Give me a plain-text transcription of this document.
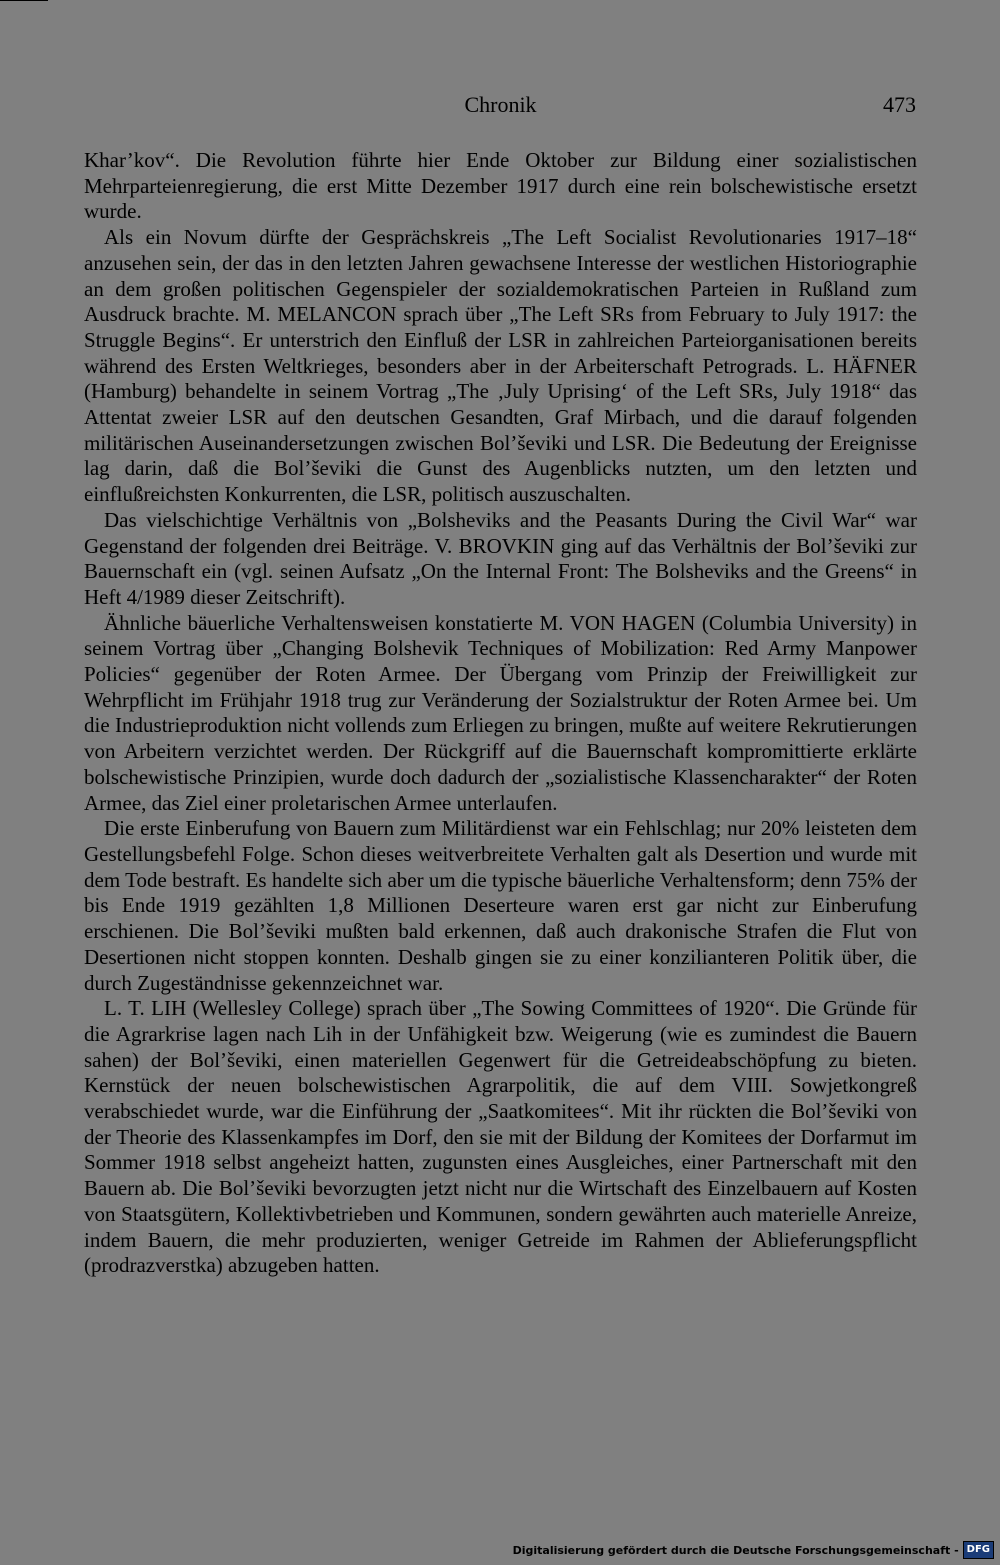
Chronik	473

Khar’kov“. Die Revolution führte hier Ende Oktober zur Bildung einer sozialistischen Mehrparteienregierung, die erst Mitte Dezember 1917 durch eine rein bolschewistische ersetzt wurde.

Als ein Novum dürfte der Gesprächskreis „The Left Socialist Revolutionaries 1917–18“ anzusehen sein, der das in den letzten Jahren gewachsene Interesse der westlichen Historiographie an dem großen politischen Gegenspieler der sozialdemokratischen Parteien in Rußland zum Ausdruck brachte. M. MELANCON sprach über „The Left SRs from February to July 1917: the Struggle Begins“. Er unterstrich den Einfluß der LSR in zahlreichen Parteiorganisationen bereits während des Ersten Weltkrieges, besonders aber in der Arbeiterschaft Petrograds. L. HÄFNER (Hamburg) behandelte in seinem Vortrag „The ‚July Uprising‘ of the Left SRs, July 1918“ das Attentat zweier LSR auf den deutschen Gesandten, Graf Mirbach, und die darauf folgenden militärischen Auseinandersetzungen zwischen Bol’ševiki und LSR. Die Bedeutung der Ereignisse lag darin, daß die Bol’ševiki die Gunst des Augenblicks nutzten, um den letzten und einflußreichsten Konkurrenten, die LSR, politisch auszuschalten.

Das vielschichtige Verhältnis von „Bolsheviks and the Peasants During the Civil War“ war Gegenstand der folgenden drei Beiträge. V. BROVKIN ging auf das Verhältnis der Bol’ševiki zur Bauernschaft ein (vgl. seinen Aufsatz „On the Internal Front: The Bolsheviks and the Greens“ in Heft 4/1989 dieser Zeitschrift).

Ähnliche bäuerliche Verhaltensweisen konstatierte M. VON HAGEN (Columbia University) in seinem Vortrag über „Changing Bolshevik Techniques of Mobilization: Red Army Manpower Policies“ gegenüber der Roten Armee. Der Übergang vom Prinzip der Freiwilligkeit zur Wehrpflicht im Frühjahr 1918 trug zur Veränderung der Sozialstruktur der Roten Armee bei. Um die Industrieproduktion nicht vollends zum Erliegen zu bringen, mußte auf weitere Rekrutierungen von Arbeitern verzichtet werden. Der Rückgriff auf die Bauernschaft kompromittierte erklärte bolschewistische Prinzipien, wurde doch dadurch der „sozialistische Klassencharakter“ der Roten Armee, das Ziel einer proletarischen Armee unterlaufen.

Die erste Einberufung von Bauern zum Militärdienst war ein Fehlschlag; nur 20% leisteten dem Gestellungsbefehl Folge. Schon dieses weitverbreitete Verhalten galt als Desertion und wurde mit dem Tode bestraft. Es handelte sich aber um die typische bäuerliche Verhaltensform; denn 75% der bis Ende 1919 gezählten 1,8 Millionen Deserteure waren erst gar nicht zur Einberufung erschienen. Die Bol’ševiki mußten bald erkennen, daß auch drakonische Strafen die Flut von Desertionen nicht stoppen konnten. Deshalb gingen sie zu einer konzilianteren Politik über, die durch Zugeständnisse gekennzeichnet war.

L. T. LIH (Wellesley College) sprach über „The Sowing Committees of 1920“. Die Gründe für die Agrarkrise lagen nach Lih in der Unfähigkeit bzw. Weigerung (wie es zumindest die Bauern sahen) der Bol’ševiki, einen materiellen Gegenwert für die Getreideabschöpfung zu bieten. Kernstück der neuen bolschewistischen Agrarpolitik, die auf dem VIII. Sowjetkongreß verabschiedet wurde, war die Einführung der „Saatkomitees“. Mit ihr rückten die Bol’ševiki von der Theorie des Klassenkampfes im Dorf, den sie mit der Bildung der Komitees der Dorfarmut im Sommer 1918 selbst angeheizt hatten, zugunsten eines Ausgleiches, einer Partnerschaft mit den Bauern ab. Die Bol’ševiki bevorzugten jetzt nicht nur die Wirtschaft des Einzelbauern auf Kosten von Staatsgütern, Kollektivbetrieben und Kommunen, sondern gewährten auch materielle Anreize, indem Bauern, die mehr produzierten, weniger Getreide im Rahmen der Ablieferungspflicht (prodrazverstka) abzugeben hatten.

Digitalisierung gefördert durch die Deutsche Forschungsgemeinschaft - DFG
